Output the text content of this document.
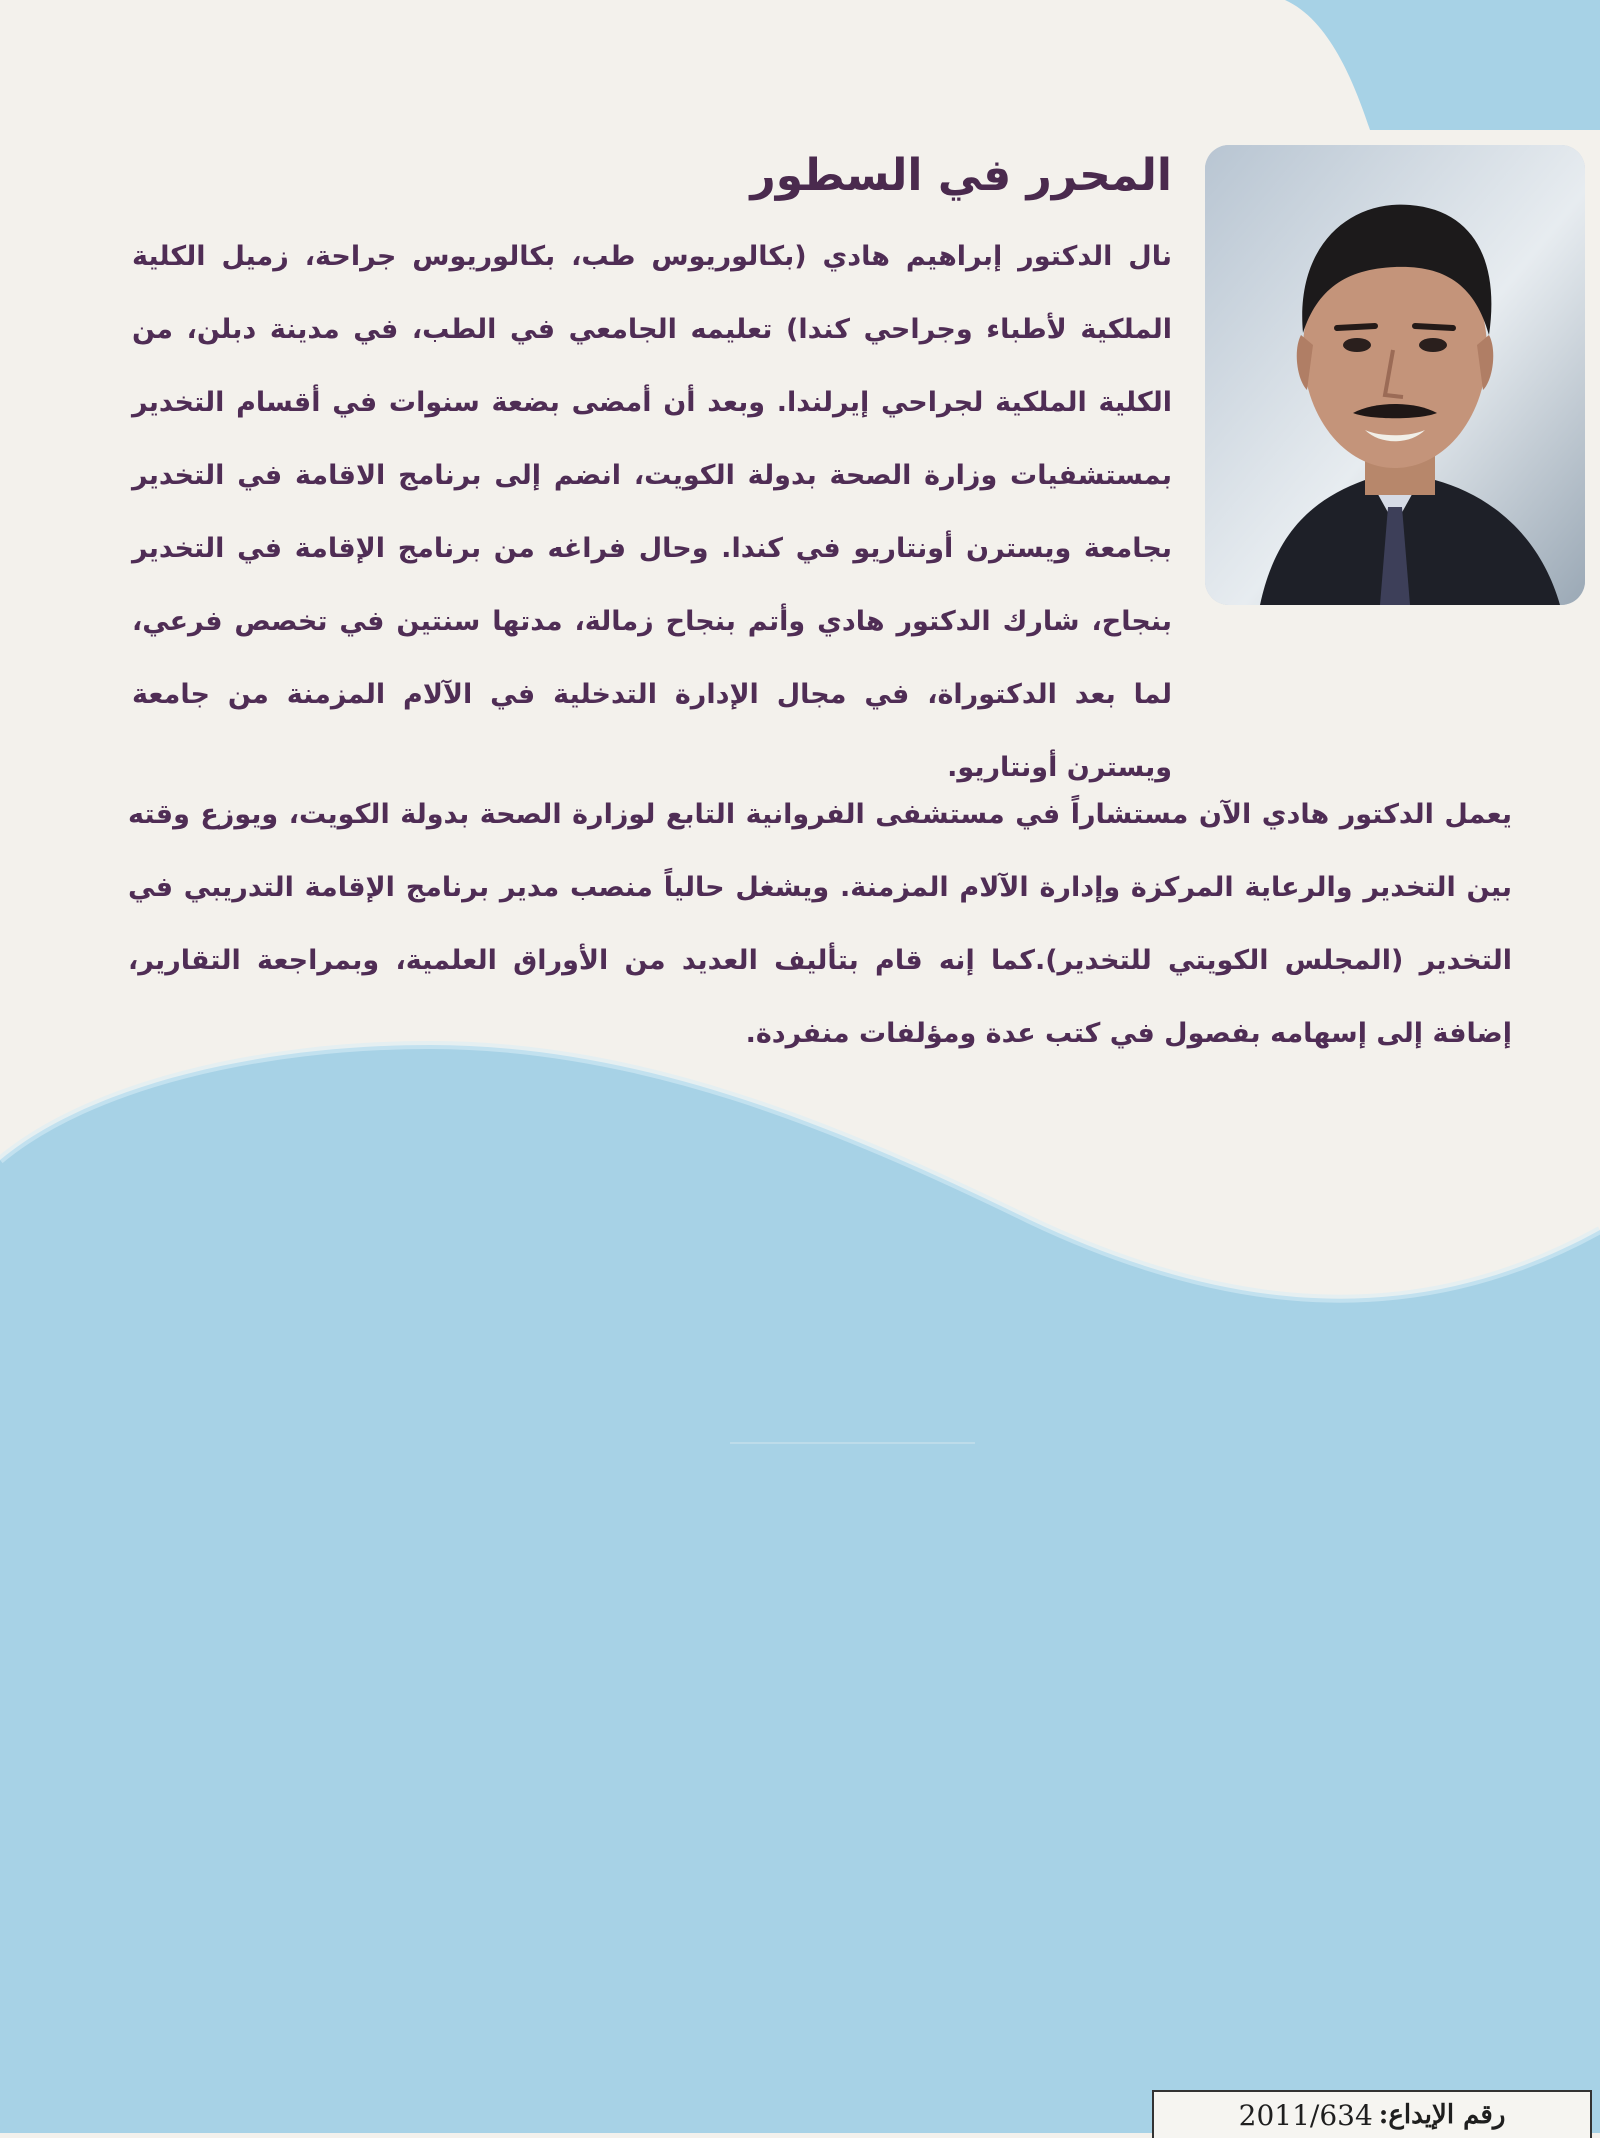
المحرر في السطور

نال الدكتور إبراهيم هادي (بكالوريوس طب، بكالوريوس جراحة، زميل الكلية الملكية لأطباء وجراحي كندا) تعليمه الجامعي في الطب، في مدينة دبلن، من الكلية الملكية لجراحي إيرلندا. وبعد أن أمضى بضعة سنوات في أقسام التخدير بمستشفيات وزارة الصحة بدولة الكويت، انضم إلى برنامج الاقامة في التخدير بجامعة ويسترن أونتاريو في كندا. وحال فراغه من برنامج الإقامة في التخدير بنجاح، شارك الدكتور هادي وأتم بنجاح زمالة، مدتها سنتين في تخصص فرعي، لما بعد الدكتوراة، في مجال الإدارة التدخلية في الآلام المزمنة من جامعة ويسترن أونتاريو.

يعمل الدكتور هادي الآن مستشاراً في مستشفى الفروانية التابع لوزارة الصحة بدولة الكويت، ويوزع وقته بين التخدير والرعاية المركزة وإدارة الآلام المزمنة. ويشغل حالياً منصب مدير برنامج الإقامة التدريبي في التخدير (المجلس الكويتي للتخدير).كما إنه قام بتأليف العديد من الأوراق العلمية، وبمراجعة التقارير، إضافة إلى إسهامه بفصول في كتب عدة ومؤلفات منفردة.

رقم الإيداع:
2011/634
